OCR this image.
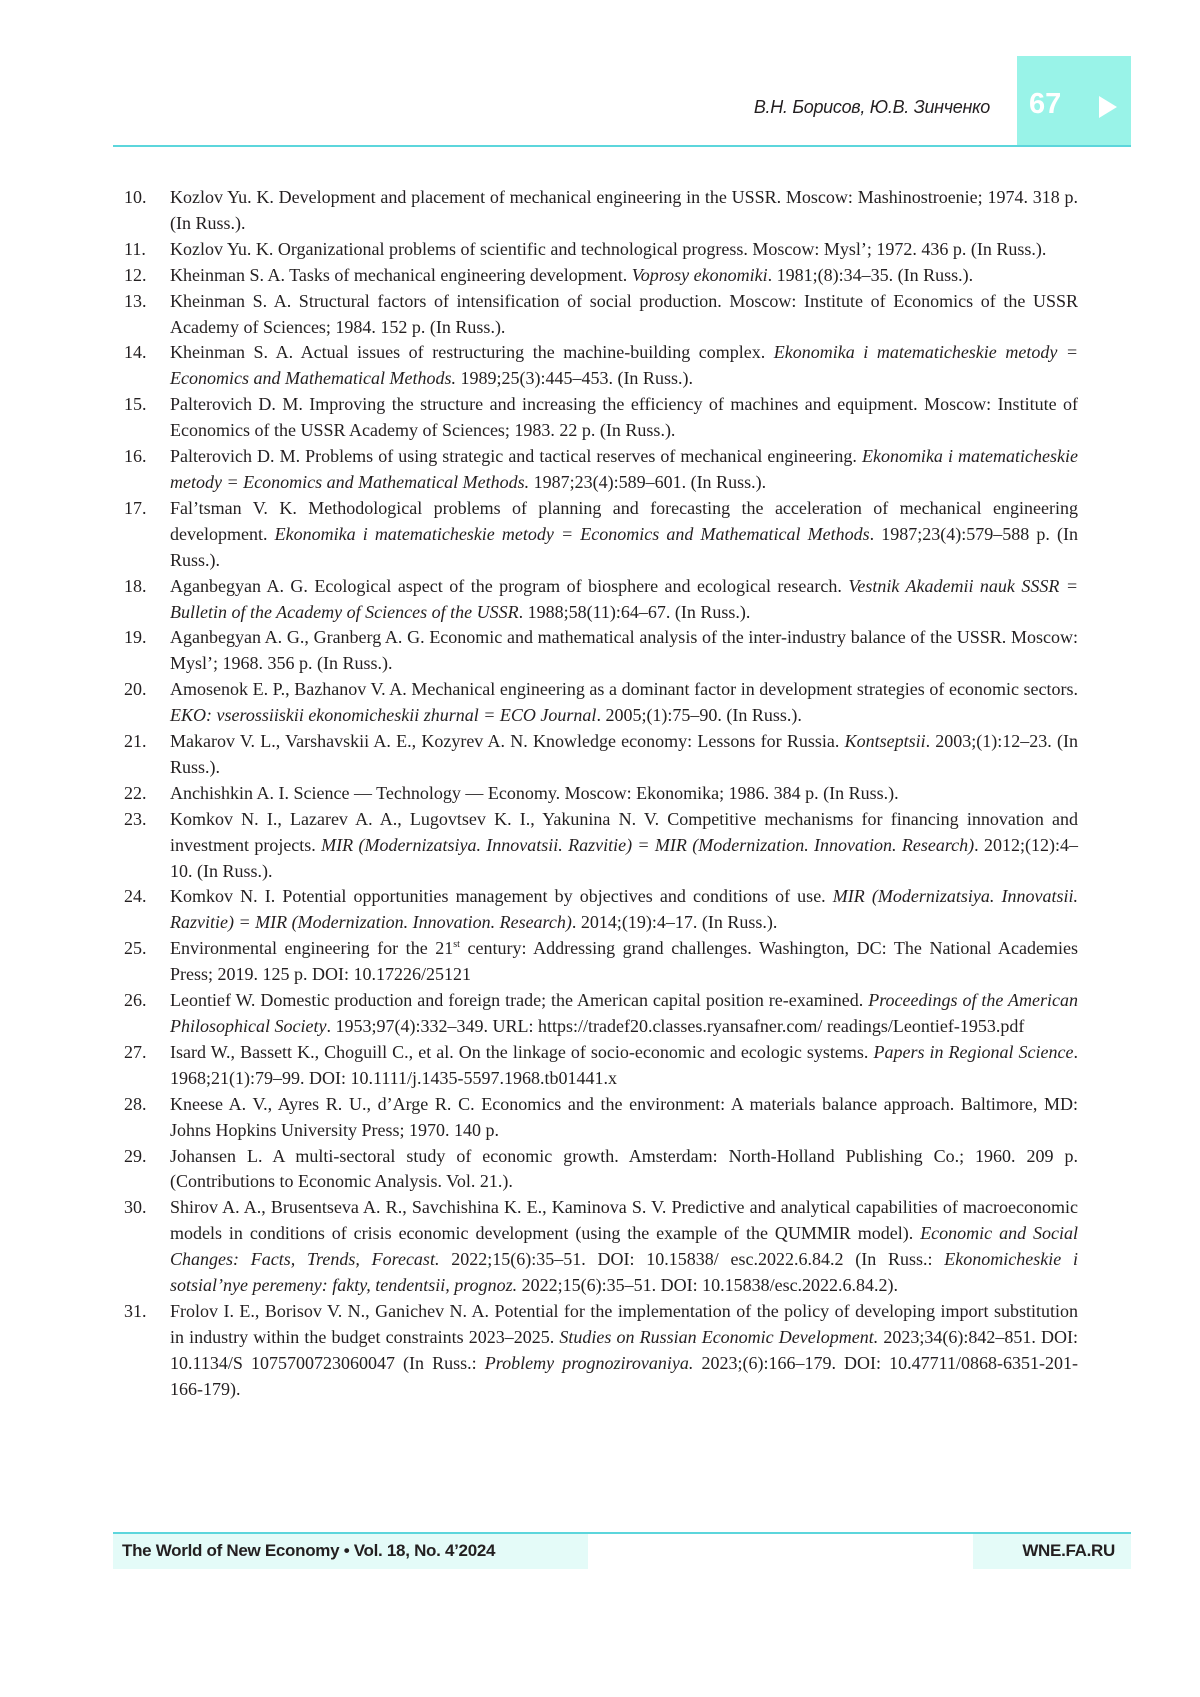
В.Н. Борисов, Ю.В. Зинченко 67
10.	Kozlov Yu. K. Development and placement of mechanical engineering in the USSR. Moscow: Mashinostroenie; 1974. 318 p. (In Russ.).
11.	Kozlov Yu. K. Organizational problems of scientific and technological progress. Moscow: Mysl’; 1972. 436 p. (In Russ.).
12.	Kheinman S. A. Tasks of mechanical engineering development. Voprosy ekonomiki. 1981;(8):34–35. (In Russ.).
13.	Kheinman S. A. Structural factors of intensification of social production. Moscow: Institute of Economics of the USSR Academy of Sciences; 1984. 152 p. (In Russ.).
14.	Kheinman S. A. Actual issues of restructuring the machine-building complex. Ekonomika i matematicheskie metody = Economics and Mathematical Methods. 1989;25(3):445–453. (In Russ.).
15.	Palterovich D. M. Improving the structure and increasing the efficiency of machines and equipment. Moscow: Institute of Economics of the USSR Academy of Sciences; 1983. 22 p. (In Russ.).
16.	Palterovich D. M. Problems of using strategic and tactical reserves of mechanical engineering. Ekonomika i matematicheskie metody = Economics and Mathematical Methods. 1987;23(4):589–601. (In Russ.).
17.	Fal’tsman V. K. Methodological problems of planning and forecasting the acceleration of mechanical engineering development. Ekonomika i matematicheskie metody = Economics and Mathematical Methods. 1987;23(4):579–588 p. (In Russ.).
18.	Aganbegyan A. G. Ecological aspect of the program of biosphere and ecological research. Vestnik Akademii nauk SSSR = Bulletin of the Academy of Sciences of the USSR. 1988;58(11):64–67. (In Russ.).
19.	Aganbegyan A. G., Granberg A. G. Economic and mathematical analysis of the inter-industry balance of the USSR. Moscow: Mysl’; 1968. 356 p. (In Russ.).
20.	Amosenok E. P., Bazhanov V. A. Mechanical engineering as a dominant factor in development strategies of economic sectors. EKO: vserossiiskii ekonomicheskii zhurnal = ECO Journal. 2005;(1):75–90. (In Russ.).
21.	Makarov V. L., Varshavskii A. E., Kozyrev A. N. Knowledge economy: Lessons for Russia. Kontseptsii. 2003;(1):12–23. (In Russ.).
22.	Anchishkin A. I. Science — Technology — Economy. Moscow: Ekonomika; 1986. 384 p. (In Russ.).
23.	Komkov N. I., Lazarev A. A., Lugovtsev K. I., Yakunina N. V. Competitive mechanisms for financing innovation and investment projects. MIR (Modernizatsiya. Innovatsii. Razvitie) = MIR (Modernization. Innovation. Research). 2012;(12):4–10. (In Russ.).
24.	Komkov N. I. Potential opportunities management by objectives and conditions of use. MIR (Modernizatsiya. Innovatsii. Razvitie) = MIR (Modernization. Innovation. Research). 2014;(19):4–17. (In Russ.).
25.	Environmental engineering for the 21st century: Addressing grand challenges. Washington, DC: The National Academies Press; 2019. 125 p. DOI: 10.17226/25121
26.	Leontief W. Domestic production and foreign trade; the American capital position re-examined. Proceedings of the American Philosophical Society. 1953;97(4):332–349. URL: https://tradef20.classes.ryansafner.com/ readings/Leontief-1953.pdf
27.	Isard W., Bassett K., Choguill C., et al. On the linkage of socio-economic and ecologic systems. Papers in Regional Science. 1968;21(1):79–99. DOI: 10.1111/j.1435-5597.1968.tb01441.x
28.	Kneese A. V., Ayres R. U., d’Arge R. C. Economics and the environment: A materials balance approach. Baltimore, MD: Johns Hopkins University Press; 1970. 140 p.
29.	Johansen L. A multi-sectoral study of economic growth. Amsterdam: North-Holland Publishing Co.; 1960. 209 p. (Contributions to Economic Analysis. Vol. 21.).
30.	Shirov A. A., Brusentseva A. R., Savchishina K. E., Kaminova S. V. Predictive and analytical capabilities of macroeconomic models in conditions of crisis economic development (using the example of the QUMMIR model). Economic and Social Changes: Facts, Trends, Forecast. 2022;15(6):35–51. DOI: 10.15838/ esc.2022.6.84.2 (In Russ.: Ekonomicheskie i sotsial’nye peremeny: fakty, tendentsii, prognoz. 2022;15(6):35–51. DOI: 10.15838/esc.2022.6.84.2).
31.	Frolov I. E., Borisov V. N., Ganichev N. A. Potential for the implementation of the policy of developing import substitution in industry within the budget constraints 2023–2025. Studies on Russian Economic Development. 2023;34(6):842–851. DOI: 10.1134/S 1075700723060047 (In Russ.: Problemy prognozirovaniya. 2023;(6):166–179. DOI: 10.47711/0868-6351-201-166-179).
The World of New Economy • Vol. 18, No. 4’2024	WNE.FA.RU
